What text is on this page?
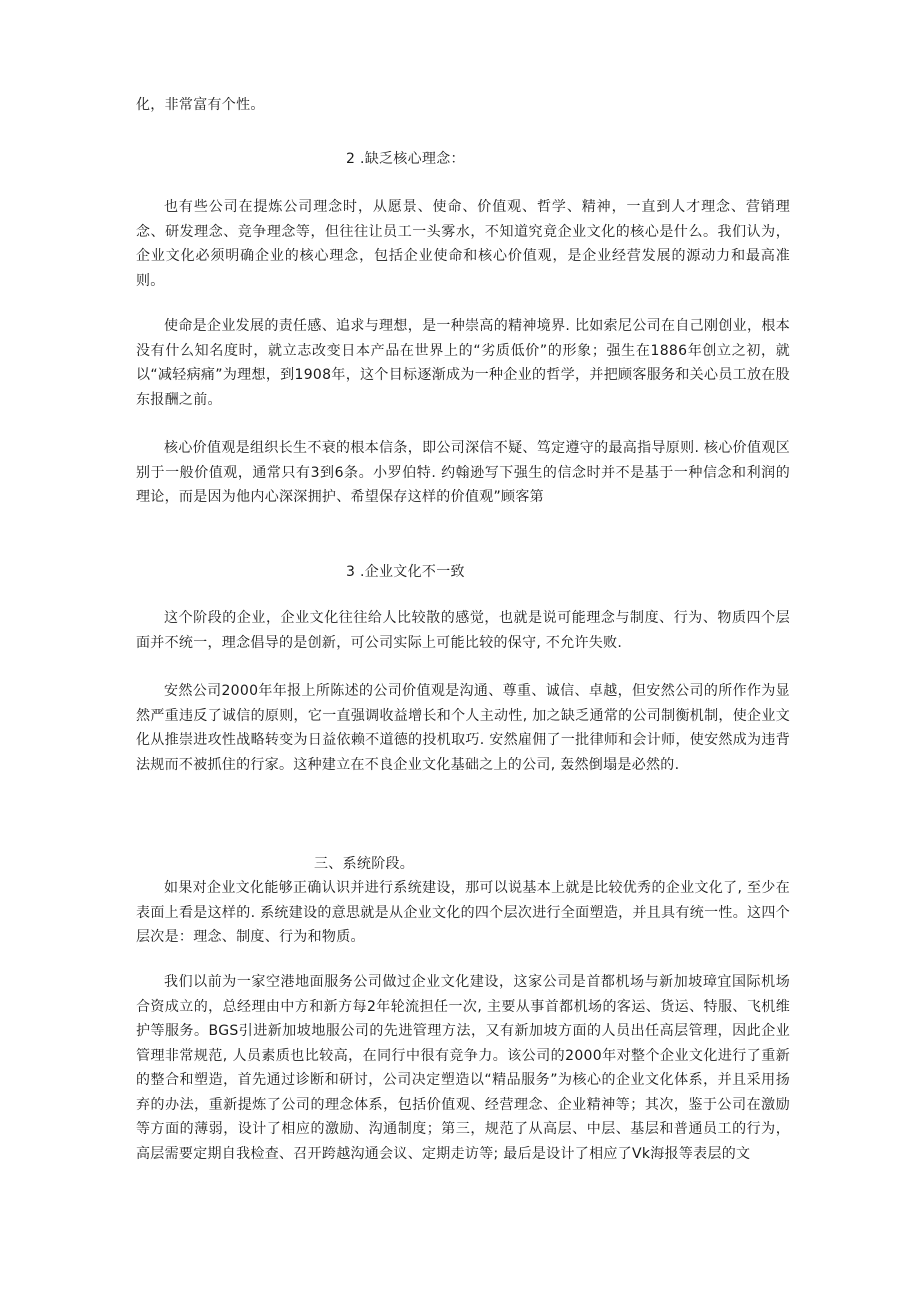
化，非常富有个性。

2 .缺乏核心理念：

也有些公司在提炼公司理念时，从愿景、使命、价值观、哲学、精神，一直到人才理念、营销理念、研发理念、竞争理念等，但往往让员工一头雾水，不知道究竟企业文化的核心是什么。我们认为，企业文化必须明确企业的核心理念，包括企业使命和核心价值观，是企业经营发展的源动力和最高准则。

使命是企业发展的责任感、追求与理想，是一种崇高的精神境界. 比如索尼公司在自己刚创业，根本没有什么知名度时，就立志改变日本产品在世界上的“劣质低价”的形象；强生在1886年创立之初，就以“减轻病痛”为理想，到1908年，这个目标逐渐成为一种企业的哲学，并把顾客服务和关心员工放在股东报酬之前。

核心价值观是组织长生不衰的根本信条，即公司深信不疑、笃定遵守的最高指导原则. 核心价值观区别于一般价值观，通常只有3到6条。小罗伯特. 约翰逊写下强生的信念时并不是基于一种信念和利润的理论，而是因为他内心深深拥护、希望保存这样的价值观”顾客第

3 .企业文化不一致

这个阶段的企业，企业文化往往给人比较散的感觉，也就是说可能理念与制度、行为、物质四个层面并不统一，理念倡导的是创新，可公司实际上可能比较的保守, 不允许失败.

安然公司2000年年报上所陈述的公司价值观是沟通、尊重、诚信、卓越，但安然公司的所作作为显然严重违反了诚信的原则，它一直强调收益增长和个人主动性, 加之缺乏通常的公司制衡机制，使企业文化从推崇进攻性战略转变为日益依赖不道德的投机取巧. 安然雇佣了一批律师和会计师，使安然成为违背法规而不被抓住的行家。这种建立在不良企业文化基础之上的公司, 轰然倒塌是必然的.

三、系统阶段。

如果对企业文化能够正确认识并进行系统建设，那可以说基本上就是比较优秀的企业文化了, 至少在表面上看是这样的. 系统建设的意思就是从企业文化的四个层次进行全面塑造，并且具有统一性。这四个层次是：理念、制度、行为和物质。

我们以前为一家空港地面服务公司做过企业文化建设，这家公司是首都机场与新加坡璋宜国际机场合资成立的，总经理由中方和新方每2年轮流担任一次, 主要从事首都机场的客运、货运、特服、飞机维护等服务。BGS引进新加坡地服公司的先进管理方法，又有新加坡方面的人员出任高层管理，因此企业管理非常规范, 人员素质也比较高，在同行中很有竞争力。该公司的2000年对整个企业文化进行了重新的整合和塑造，首先通过诊断和研讨，公司决定塑造以“精品服务”为核心的企业文化体系，并且采用扬弃的办法，重新提炼了公司的理念体系，包括价值观、经营理念、企业精神等；其次，鉴于公司在激励等方面的薄弱，设计了相应的激励、沟通制度；第三，规范了从高层、中层、基层和普通员工的行为，高层需要定期自我检查、召开跨越沟通会议、定期走访等; 最后是设计了相应了Vk海报等表层的文
